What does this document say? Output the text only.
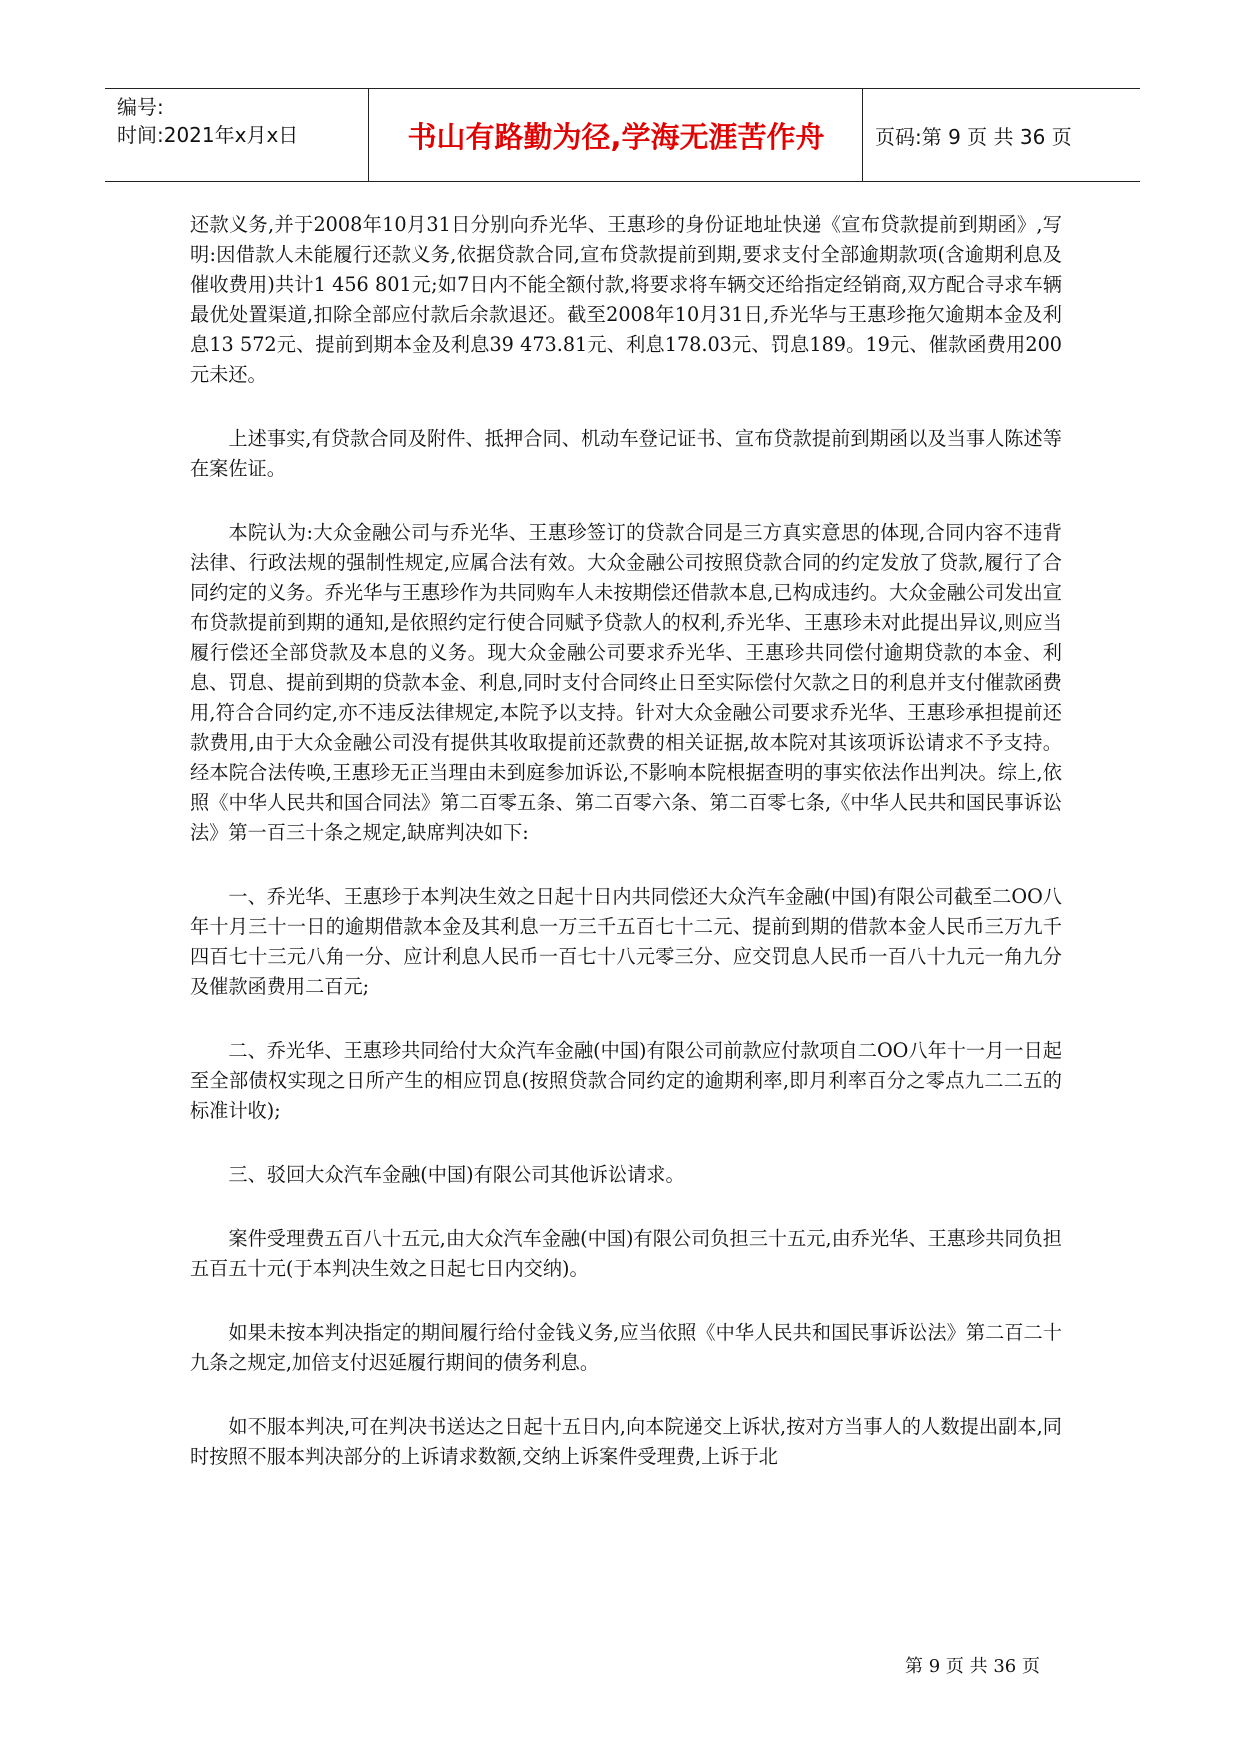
编号:
时间:2021年x月x日	书山有路勤为径,学海无涯苦作舟	页码:第 9 页 共 36 页

还款义务,并于2008年10月31日分别向乔光华、王惠珍的身份证地址快递《宣布贷款提前到期函》,写明:因借款人未能履行还款义务,依据贷款合同,宣布贷款提前到期,要求支付全部逾期款项(含逾期利息及催收费用)共计1 456 801元;如7日内不能全额付款,将要求将车辆交还给指定经销商,双方配合寻求车辆最优处置渠道,扣除全部应付款后余款退还。截至2008年10月31日,乔光华与王惠珍拖欠逾期本金及利息13 572元、提前到期本金及利息39 473.81元、利息178.03元、罚息189。19元、催款函费用200元未还。

上述事实,有贷款合同及附件、抵押合同、机动车登记证书、宣布贷款提前到期函以及当事人陈述等在案佐证。

本院认为:大众金融公司与乔光华、王惠珍签订的贷款合同是三方真实意思的体现,合同内容不违背法律、行政法规的强制性规定,应属合法有效。大众金融公司按照贷款合同的约定发放了贷款,履行了合同约定的义务。乔光华与王惠珍作为共同购车人未按期偿还借款本息,已构成违约。大众金融公司发出宣布贷款提前到期的通知,是依照约定行使合同赋予贷款人的权利,乔光华、王惠珍未对此提出异议,则应当履行偿还全部贷款及本息的义务。现大众金融公司要求乔光华、王惠珍共同偿付逾期贷款的本金、利息、罚息、提前到期的贷款本金、利息,同时支付合同终止日至实际偿付欠款之日的利息并支付催款函费用,符合合同约定,亦不违反法律规定,本院予以支持。针对大众金融公司要求乔光华、王惠珍承担提前还款费用,由于大众金融公司没有提供其收取提前还款费的相关证据,故本院对其该项诉讼请求不予支持。经本院合法传唤,王惠珍无正当理由未到庭参加诉讼,不影响本院根据查明的事实依法作出判决。综上,依照《中华人民共和国合同法》第二百零五条、第二百零六条、第二百零七条,《中华人民共和国民事诉讼法》第一百三十条之规定,缺席判决如下:

一、乔光华、王惠珍于本判决生效之日起十日内共同偿还大众汽车金融(中国)有限公司截至二OO八年十月三十一日的逾期借款本金及其利息一万三千五百七十二元、提前到期的借款本金人民币三万九千四百七十三元八角一分、应计利息人民币一百七十八元零三分、应交罚息人民币一百八十九元一角九分及催款函费用二百元;

二、乔光华、王惠珍共同给付大众汽车金融(中国)有限公司前款应付款项自二OO八年十一月一日起至全部债权实现之日所产生的相应罚息(按照贷款合同约定的逾期利率,即月利率百分之零点九二二五的标准计收);

三、驳回大众汽车金融(中国)有限公司其他诉讼请求。

案件受理费五百八十五元,由大众汽车金融(中国)有限公司负担三十五元,由乔光华、王惠珍共同负担五百五十元(于本判决生效之日起七日内交纳)。

如果未按本判决指定的期间履行给付金钱义务,应当依照《中华人民共和国民事诉讼法》第二百二十九条之规定,加倍支付迟延履行期间的债务利息。

如不服本判决,可在判决书送达之日起十五日内,向本院递交上诉状,按对方当事人的人数提出副本,同时按照不服本判决部分的上诉请求数额,交纳上诉案件受理费,上诉于北

第 9 页 共 36 页
